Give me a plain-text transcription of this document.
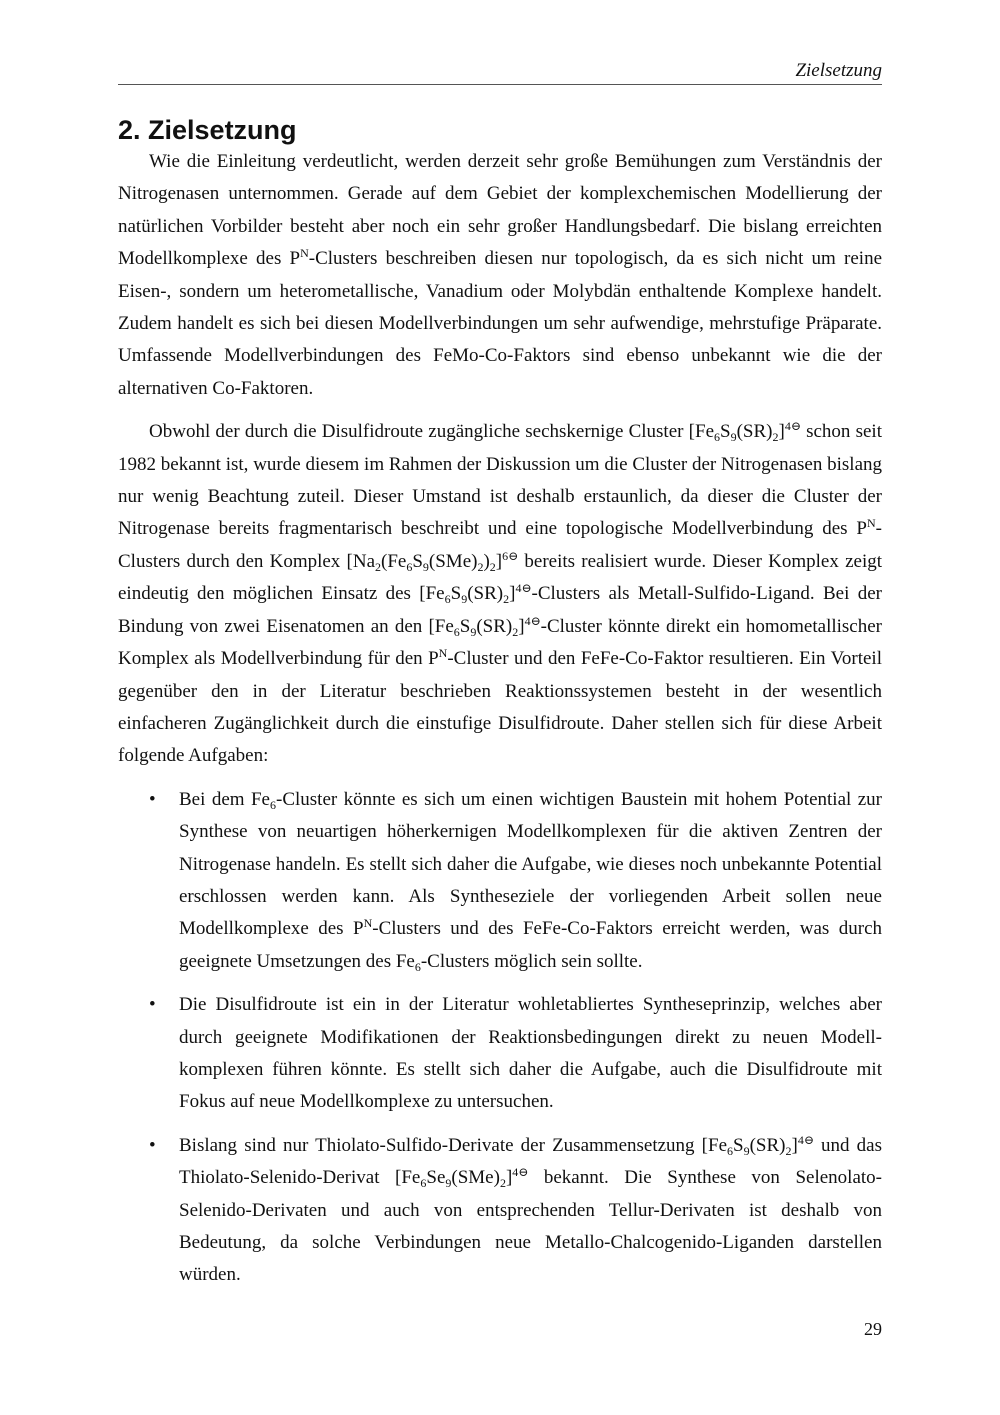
Zielsetzung
2. Zielsetzung

Wie die Einleitung verdeutlicht, werden derzeit sehr große Bemühungen zum Verständnis der Nitrogenasen unternommen. Gerade auf dem Gebiet der komplexchemischen Modellierung der natürlichen Vorbilder besteht aber noch ein sehr großer Handlungsbedarf. Die bislang erreichten Modellkomplexe des $P^N$-Clusters beschreiben diesen nur topologisch, da es sich nicht um reine Eisen-, sondern um heterometallische, Vanadium oder Molybdän enthaltende Komplexe handelt. Zudem handelt es sich bei diesen Modellverbindungen um sehr aufwendige, mehrstufige Präparate. Umfassende Modellverbindungen des FeMo-Co-Faktors sind ebenso unbekannt wie die der alternativen Co-Faktoren.

Obwohl der durch die Disulfidroute zugängliche sechskernige Cluster $[Fe_6S_9(SR)_2]^{4⊖}$ schon seit 1982 bekannt ist, wurde diesem im Rahmen der Diskussion um die Cluster der Nitrogenasen bislang nur wenig Beachtung zuteil. Dieser Umstand ist deshalb erstaunlich, da dieser die Cluster der Nitrogenase bereits fragmentarisch beschreibt und eine topologische Modellverbindung des $P^N$-Clusters durch den Komplex $[Na_2(Fe_6S_9(SMe)_2)_2]^{6⊖}$ bereits realisiert wurde. Dieser Komplex zeigt eindeutig den möglichen Einsatz des $[Fe_6S_9(SR)_2]^{4⊖}$-Clusters als Metall-Sulfido-Ligand. Bei der Bindung von zwei Eisenatomen an den $[Fe_6S_9(SR)_2]^{4⊖}$-Cluster könnte direkt ein homometallischer Komplex als Modellverbindung für den $P^N$-Cluster und den FeFe-Co-Faktor resultieren. Ein Vorteil gegenüber den in der Literatur beschrieben Reaktionssystemen besteht in der wesentlich einfacheren Zugänglichkeit durch die einstufige Disulfidroute. Daher stellen sich für diese Arbeit folgende Aufgaben:

• Bei dem $Fe_6$-Cluster könnte es sich um einen wichtigen Baustein mit hohem Potential zur Synthese von neuartigen höherkernigen Modellkomplexen für die aktiven Zentren der Nitrogenase handeln. Es stellt sich daher die Aufgabe, wie dieses noch unbekannte Potential erschlossen werden kann. Als Syntheseziele der vorliegenden Arbeit sollen neue Modellkomplexe des $P^N$-Clusters und des FeFe-Co-Faktors erreicht werden, was durch geeignete Umsetzungen des $Fe_6$-Clusters möglich sein sollte.

• Die Disulfidroute ist ein in der Literatur wohletabliertes Syntheseprinzip, welches aber durch geeignete Modifikationen der Reaktionsbedingungen direkt zu neuen Modellkomplexen führen könnte. Es stellt sich daher die Aufgabe, auch die Disulfidroute mit Fokus auf neue Modellkomplexe zu untersuchen.

• Bislang sind nur Thiolato-Sulfido-Derivate der Zusammensetzung $[Fe_6S_9(SR)_2]^{4⊖}$ und das Thiolato-Selenido-Derivat $[Fe_6Se_9(SMe)_2]^{4⊖}$ bekannt. Die Synthese von Selenolato-Selenido-Derivaten und auch von entsprechenden Tellur-Derivaten ist deshalb von Bedeutung, da solche Verbindungen neue Metallo-Chalcogenido-Liganden darstellen würden.

29
